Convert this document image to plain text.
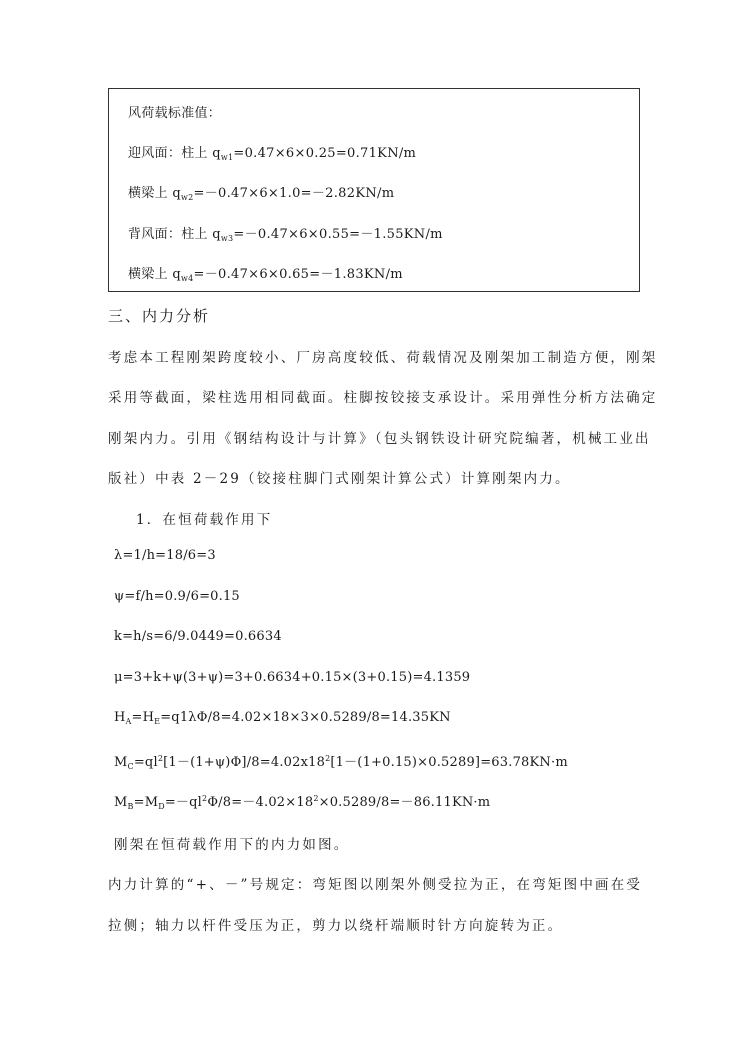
风荷载标准值：
迎风面：柱上 $q_{w1}=0.47\times 6\times 0.25=0.71KN/m$
横梁上 $q_{w2}=-0.47\times 6\times 1.0=-2.82KN/m$
背风面：柱上 $q_{w3}=-0.47\times 6\times 0.55=-1.55KN/m$
横梁上 $q_{w4}=-0.47\times 6\times 0.65=-1.83KN/m$
三、内力分析
考虑本工程刚架跨度较小、厂房高度较低、荷载情况及刚架加工制造方便，刚架
采用等截面，梁柱选用相同截面。柱脚按铰接支承设计。采用弹性分析方法确定
刚架内力。引用《钢结构设计与计算》（包头钢铁设计研究院编著，机械工业出
版社）中表 2－29（铰接柱脚门式刚架计算公式）计算刚架内力。
1．在恒荷载作用下
λ=1/h=18/6=3
ψ=f/h=0.9/6=0.15
k=h/s=6/9.0449=0.6634
μ=3+k+ψ(3+ψ)=3+0.6634+0.15×(3+0.15)=4.1359
$H_A=H_E=q1\lambda\Phi/8=4.02\times 18\times 3\times 0.5289/8=14.35KN$
$M_C=ql^2[1-(1+\psi)\Phi]/8=4.02x18^2[1-(1+0.15)\times 0.5289]=63.78KN\cdot m$
$M_B=M_D=-ql^2\Phi/8=-4.02\times 18^2\times 0.5289/8=-86.11KN\cdot m$
刚架在恒荷载作用下的内力如图。
内力计算的“+、－”号规定：弯矩图以刚架外侧受拉为正，在弯矩图中画在受
拉侧；轴力以杆件受压为正，剪力以绕杆端顺时针方向旋转为正。
